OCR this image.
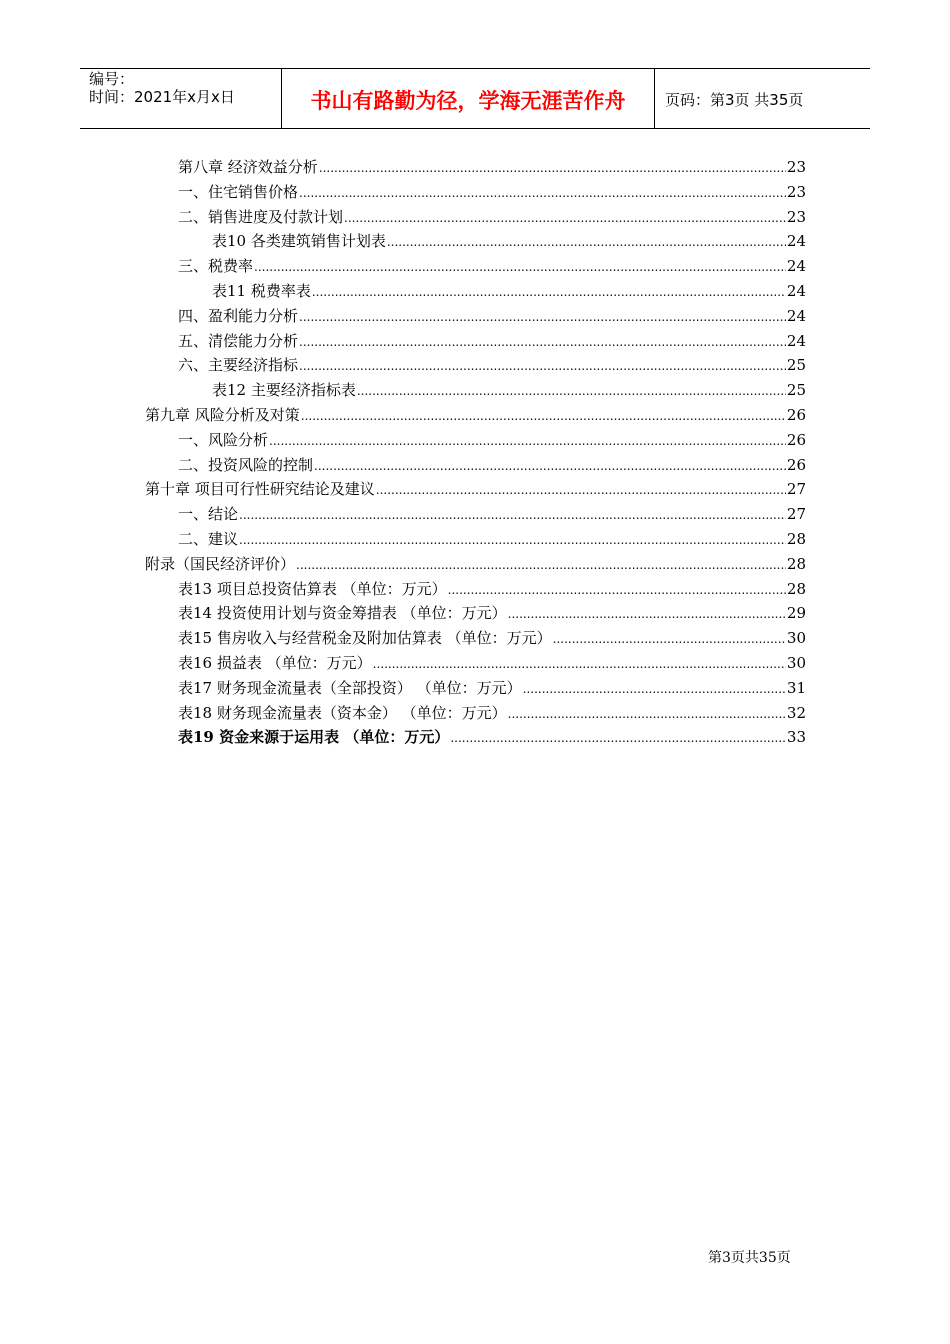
编号：
时间：2021年x月x日	书山有路勤为径，学海无涯苦作舟	页码：第3页 共35页
第八章 经济效益分析 .....	23
一、住宅销售价格 .....	23
二、销售进度及付款计划 .....	23
表10 各类建筑销售计划表 .....	24
三、税费率 .....	24
表11 税费率表 .....	24
四、盈利能力分析 .....	24
五、清偿能力分析 .....	24
六、主要经济指标 .....	25
表12 主要经济指标表 .....	25
第九章 风险分析及对策 .....	26
一、风险分析 .....	26
二、投资风险的控制 .....	26
第十章 项目可行性研究结论及建议 .....	27
一、结论 .....	27
二、建议 .....	28
附录（国民经济评价） .....	28
表13 项目总投资估算表 （单位：万元） .....	28
表14 投资使用计划与资金筹措表 （单位：万元） .....	29
表15 售房收入与经营税金及附加估算表 （单位：万元） .....	30
表16 损益表 （单位：万元） .....	30
表17 财务现金流量表（全部投资） （单位：万元） .....	31
表18 财务现金流量表（资本金） （单位：万元） .....	32
表19 资金来源于运用表 （单位：万元） .....	33
第3页共35页
